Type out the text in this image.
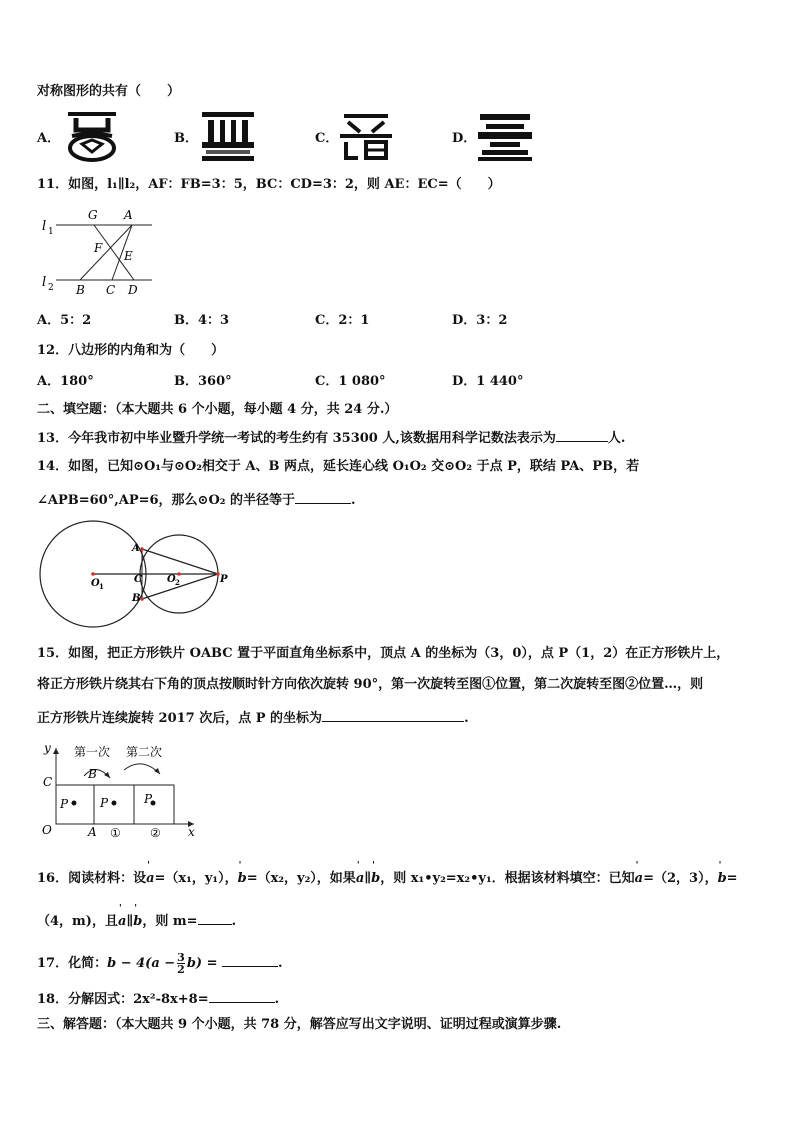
对称图形的共有（　　）
A．	B．	C．	D．
11．如图，l₁∥l₂，AF：FB=3：5，BC：CD=3：2，则 AE：EC=（　　）
l 1
l 2
G A
F
E
B C D
A．5：2	B．4：3	C．2：1	D．3：2
12．八边形的内角和为（　　）
A．180°	B．360°	C．1 080°	D．1 440°
二、填空题：（本大题共 6 个小题，每小题 4 分，共 24 分.）
13．今年我市初中毕业暨升学统一考试的考生约有 35300 人,该数据用科学记数法表示为	人.
14．如图，已知⊙O₁与⊙O₂相交于 A、B 两点，延长连心线 O₁O₂ 交⊙O₂ 于点 P，联结 PA、PB，若
∠APB=60°,AP=6，那么⊙O₂ 的半径等于	.
A
B
C	P
O 1
O 2
15．如图，把正方形铁片 OABC 置于平面直角坐标系中，顶点 A 的坐标为（3，0），点 P（1，2）在正方形铁片上，
将正方形铁片绕其右下角的顶点按顺时针方向依次旋转 90°，第一次旋转至图①位置，第二次旋转至图②位置…，则
正方形铁片连续旋转 2017 次后，点 P 的坐标为	.
y
x
O	A
B
C
P	P	P
第一次 第二次
① ②
16．阅读材料：设
'
a=（x₁，y₁），
'
b=（x₂，y₂），如果
'
a∥
'
b，则 x₁•y₂=x₂•y₁．根据该材料填空：已知
'
a=（2，3），
'
b=
（4，m)，且
'
a∥
'
b，则 m=	.
17．化简：$b - 4(a - \frac{3}{2} b)$ =	.
18．分解因式：2x²-8x+8=	.
三、解答题：（本大题共 9 个小题，共 78 分，解答应写出文字说明、证明过程或演算步骤.
